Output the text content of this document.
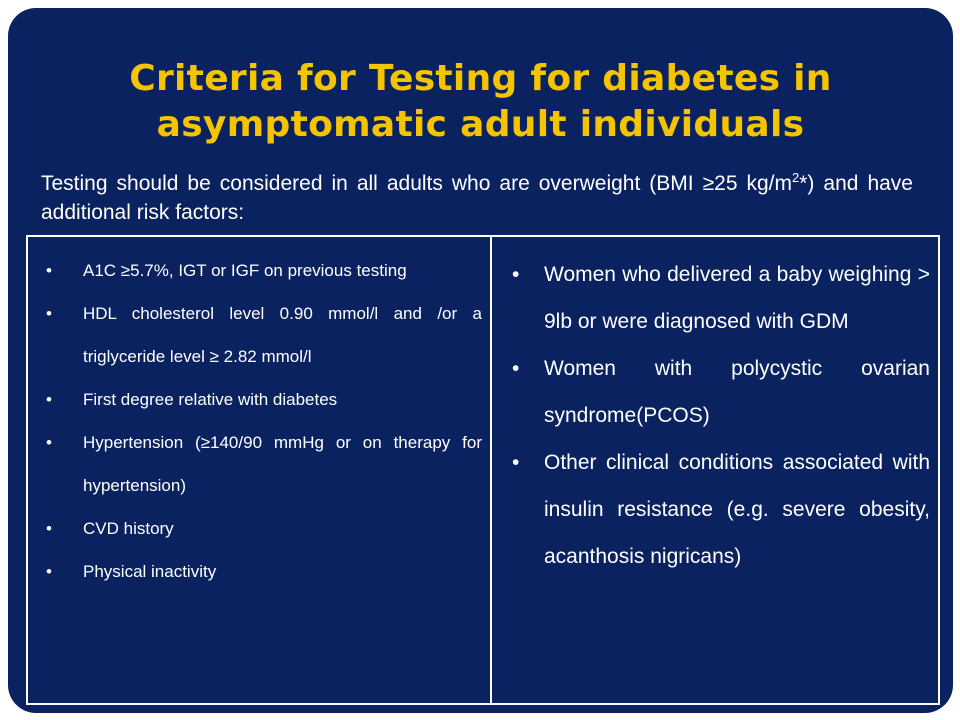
Criteria for Testing for diabetes in
asymptomatic adult individuals
Testing should be considered in all adults who are overweight (BMI ≥25 $kg/m^2*$) and have additional risk factors:
• A1C ≥5.7%, IGT or IGF on previous testing
• HDL cholesterol level 0.90 mmol/l and /or a triglyceride level ≥ 2.82 mmol/l
• First degree relative with diabetes
• Hypertension (≥140/90 mmHg or on therapy for hypertension)
• CVD history
• Physical inactivity
• Women who delivered a baby weighing > 9lb or were diagnosed with GDM
• Women with polycystic ovarian syndrome(PCOS)
• Other clinical conditions associated with insulin resistance (e.g. severe obesity, acanthosis nigricans)
